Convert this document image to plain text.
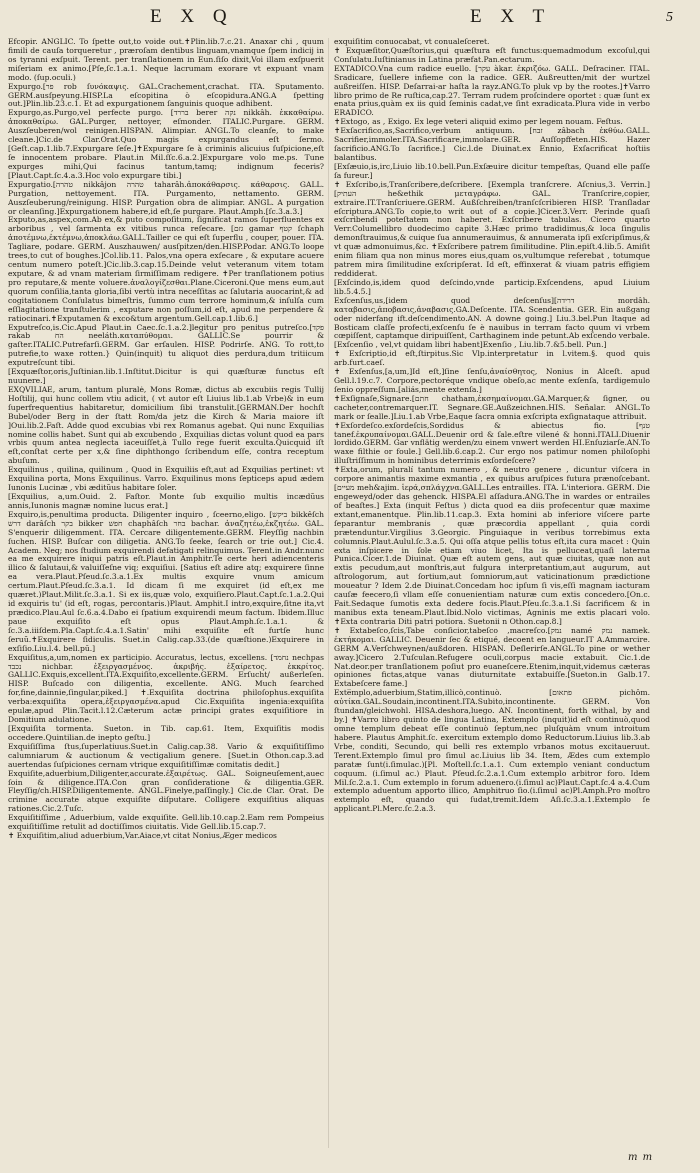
E X Q	E X T	5

Efcopir. ANGLIC. To ſpette out,to voide out.✝Plin.lib.7.c.21. Anaxar chi , quum fimili de cauſa torqueretur , præroſam dentibus linguam,vnamque ſpem indicij in os tyranni exſpuit. Terent. per tranſlationem in Eun.ſiſo dixit,Voi illam exſpuerit miſeriam ex animo.[Pſe,ſc.1.a.1. Neque lacrumam exorare vt expuant vnam modo. (ſup.oculi.)

Expurgo.[פר rob ſυνόκαψις. GAL.Crachement,crachat. ITA. Sputamento. GERM.ausſpeyung.HISP.La eſcopitina ò eſcopidura.ANG.A ſpetting out.]Plin.lib.23.c.1. Et ad expurgationem ſanguinis quoque adhibent.

Expurgo,as.Purgo,vel perfecte purgo. [בררד berer נקה nikkâh. ἐκκαθαίρω. ἀποκαθαίρω. GAL.Purger, nettoyer, eſmonder. ITALIC.Purgare. GERM. Auszſeuberen/wol reinigen.HISPAN. Alimpiar. ANGL.To cleanſe, to make cleane.]Cic.de Clar.Orat.Quo magis expurgandus eſt ſermo. [Geſt.cap.1.lib.7.Expurgare ſeſe.]✝Expurgare ſe à criminis alicuius ſuſpicione,eſt ſe innocentem probare. Plaut.in Mil.ſſc.6.a.2.]Expurgare volo me.ps. Tune expurges mihi,Qui facinus tantum,tamq; indignum feceris?[Plaut.Capt.ſc.4.a.3.Hoc volo expurgare tibi.]

Expurgatio.[טהרה nikkâjon טהרה taharâh.ἀποκάθαρσις. κάθαρσις. GALL. Purgation, nettoyement. ITA. Purgamento, nettamento. GERM. Auszſeuberung/reinigung. HISP. Purgation obra de alimpiar. ANGL. A purgation or cleanſing.]Expurgationem habere,id eſt,ſe purgare. Plaut.Amph.[ſc.3.a.3.]

Exputo,as,aspex,com.Ab ex,& puto compoſitum, ſignificat ramos ſuperfluentes ex arboribus , vel ſarmenta ex vitibus runca reſecare. [גזם gamar קטף ſchaph ἀποτέμνω,ἐκτέμνω,ἀποκλάω.GALL.Tailler ce qui eſt ſuperflu , couper, pouer. ITA. Tagliare, podare. GERM. Auszhauwen/ ausſpitzen/den.HISP.Podar. ANG.To loope trees,to cut of boughes.]Col.lib.11. Palos,vna opera exſecare , & exputare acuere centum numero poteſt.]Cic.lib.3.cap.15.Deinde velut veteranum vitem totam exputare, & ad vnam materiam ſirmiſſimam redigere. ✝Per tranſlationem potius pro reputare,& mente voluere.ἀναλογίζεσθαι.Plane.Ciceroni.Que mens eum,aut quorum conſilia,tanta gloria,ſibi vertù intra neceſſitas ac ſalutaria auocarint,& ad cogitationem Conſulatus bimeſtris, ſummo cum terrore hominum,& inſulſa cum eſſlagitatione tranſtulerim , exputare non poſſum,id eſt, apud me perpendere & ratiocinari.✝Exputamen & exco&tum argentum.Gell.cap.1.lib.6.]

Exputreſco,is.Cic.Apud Plaut.in Caec.ſc.1.a.2.]legitur pro penitus putreſco.[פקד rakab הח neeláth.καταπύθομαι. GALLIC.Se pourrir & gaſter.ITALIC.Putrefarſi.GERM. Gar erſaulen. HISP. Podrirſe. ANG. To rott,to putrefie,to waxe rotten.} Quin(inquit) tu aliquot dies perdura,dum tritiicum exputreſcunt tibi.

[Exquæſtor,oris,Juſtinian.lib.1.Inſtitut.Dicitur is qui quæſturæ functus eſt nuunere.]

EXQVILIAE, arum, tantum pluralė, Mons Romæ, dictus ab excubiis regis Tullij Hoſtilij, qui hunc collem vtiu adicit, ( vt autor eſt Liuius lib.1.ab Vrbe)& in eum ſuperfrequentius habitaretur, domicilium ſibi transtulit.[GERMAN.Der hochſt Bubel/oder Berg in der ſtatt Rom/da jetz die Kirch & Maria maiore iſt ]Oui.lib.2.Faſt. Adde quod excubias vbi rex Romanus agebat. Qui nunc Exquilias nomine collis habet. Sunt qui ab excubendo , Exquilias dictas volunt quod ea pars vrbis quum antea neglecta iaceuiſſet,à Tullo rege fuerit exculta.Quicquid iſt eſt,conſtat certe per x,& ſine diphthongo ſcribendum eſſe, contra receptum abuſum.

Exquilinus , quilina, quilinum , Quod in Exquiliis eſt,aut ad Exquilias pertinet: vt Exquilina porta, Mons Exquilinus. Varro. Exquilinus mons ſepticeps apud ædem Iunonis Lucinæ , vbi æditũus habitare ſoler.

[Exquilius, a,um.Ouid. 2. Faſtor. Monte ſub exquilio multis incædũus annis,Iunonis magnæ nomine lucus erat.]

Exquiro,is,penultima producta. Diligenter inquiro , ſceerno,eligo. [ביקש bikkêſch דרש darâſch בקר bikker חפש chaphâſch בחר bachar. ἀναζητέω,ἐκζητέω. GAL. S'enquerir diligemment. ITA. Cercare diligentemente.GERM. Fleyſſig nachbin ſuchen. HISP. Buſcar con diligetia. ANG.To ſeeke, ſearch or trie out.] Cic.4. Academ. Neq; nos ſtudium exquirendi defatigati relinquimus. Terent.in Andr.nunc ea me exquirere iniqui patris eſt.Plaut.in Amphitr.Te certe heri adiencenteris illico & ſalutaui,& valuiſſeſne viq; exquiſiui. [Satius eſt adire atq; exquirere ſinne ea vera.Plaut.Pſeud.ſc.3.a.1.Ex multis exquire vnum amicum certum.Plaut.Pſeud.ſc.3.a.1. Id dicam ſi me exquiret (id eſt,ex me quæret.)Plaut.Milit.ſc.3.a.1. Si ex iis,quæ volo, exquiſiero.Plaut.Capt.ſc.1.a.2.Qui id exquiris tu' (id eſt, rogas, percontaris.)Plaut. Amphit.I intro,exquire,ſitne ita,vt prædico.Plau.Aul ſc.6.a.4.Dabo ei ſpatium exquirendi meum factum. Ibidem.Illuc paue exquiſito eſt opus Plaut.Amph.ſc.1.a.1. & ſc.3.a.iiiſdem.Pla.Capt.ſc.4.a.1.Satin' mihi exquiſite eſt furtſe hunc ſeruũ.✝Exquirere ſidiculis. Suet.in Calig.cap.33.(de quæſtione.)Exquirere in exſiſio.Liu.l.4. bell.pū.]

Exquiſitus,a,um,nomen ex participio. Accuratus, lectus, excellens. [נחמד nechpas נכבד nichbar. ἐξειργασμένος. ἀκριβής. ἐξαίρετος. ἐκκρίτος. GALLIC.Exquis,excellent.ITA.Exquiſito,excellente.GERM. Erſucht/ außerleſen. HISP. Buſcado con diligentia, excellente. ANG. Much ſearched for,fine,dainnie,ſingular,piked.] ✝.Exquiſita doctrina philoſophus.exquiſita verba:exquiſita opera,ἐξειργασμένα.apud Cic.Exquiſita ingenia:exquiſita epulæ,apud Plin.Tacit.l.12.Cæterum actæ principi grates exquiſitiore in Domitium adulatione.

[Exquiſita tormenta. Sueton. in Tib. cap.61. Item, Exquiſitis modis occedere.Quintilian.de inepto geſtu.]

Exquiſiſſima ſtus,ſuperlatiuus.Suet.in Calig.cap.38. Vario & exquiſitiſſimo calumniarum & auctionum & vectigalium genere. [Suet.in Othon.cap.3.ad auertendas ſuſpiciones cernam vtrique exquiſitiſſimæ comitatis dedit.]

Exquiſite,aduerbium,Diligenter,accurate.ἐξαιρέτως. GAL. Soigneuſement,auec ſoin & diligence.ITA.Con gran conſideratione & diligentia.GER. Fleyſſig/ch.HISP.Diligentemente. ANGL.Finelye,paſſingly.] Cic.de Clar. Orat. De crimine accurate atque exquiſite diſputare. Colligere exquiſitius aliquas rationes.Cic.2.Tuſc.

Exquiſitiſſime , Aduerbium, valde exquiſite. Gell.lib.10.cap.2.Eam rem Pompeius exquiſitiſſime retulit ad doctiſſimos ciuitatis. Vide Gell.lib.15.cap.7.

✝ Exquiſitim,aliud aduerbium,Var.Aiace,vt citat Nonius,Æger medicos

exquiſitim conuocabat, vt conualeſceret.

✝ Exquæſitor,Quæſtorius,qui quæſtura eſt functus:quemadmodum excoſul,qui Conſulatu.Iuſtinianus in Latina præfat.Pan.ectarum.

EXTADICO.Vna cum radice euello. [עקר àkar. ἐκριζόω. GALL. Deſraciner. ITAL. Sradicare, ſuellere infieme con la radice. GER. Außreutten/mit der wurtzel außreiſſen. HISP. Deſarrai-ar haſta la rayz.ANG.To pluk vp by the rootes.]✝Varro libro primo de Re ruſtica,cap.27. Terram rudem proſcindere oportet : quæ ſunt ex enata prius,quàm ex iis quid ſeminis cadat,ve ſint exradicata.Plura vide in verbo ERADICO.

✝Extogo, as , Exigo. Ex lege veteri aliquid eximo per legem nouam. Feſtus.

✝Exſacrifico,as,Sacrifico,verbum antiquum. [זבח zâbach ἐκθύω.GALL. Sacrifier,immoler.ITA.Sacrificare,immolare.GER. Auſſopffeten.HIS. Hazer ſacrificio.ANG.To ſacrifice.] Cic.l.de Diuinat.ex Ennio, Exſacrificat hoſtiis balantibus.

[Exſæuio,is,irc,Liuio lib.10.bell.Pun.Exſæuire dicitur tempeſtas, Quand elle paſſe ſa fureur.]

✝ Exſcribo,is,Tranſcribere,deſcribere. [Exempla tranſcrere. Aſcnius,3. Verrin.] [העתיק he&ethik μεταγράφω. GAL. Tranſcrire,copier, extraire.IT.Tranſcriuere.GERM. Außſchreiben/tranſcſcribieren HISP. Tranſladar eſcriptura.ANG.To copie,to writ out of a copie.]Cicer.3.Verr. Perinde quaſi exſcribendi poteſtatem non haberet. Exſcribere tabulas. Cicero quarto Verr.Columellibro duodecimo capite 3.Hæc primo tradidimus,& loca ſingulis demonſtrauimus,& cuique ſua annumerauimus, & annumerata ipſi exſcripſimus,& vt quæ admonuimus,&c. ✝Exſcribere patrem ſimilitudine. Plin.epiſt.4.lib.5. Amiſit enim filiam qua non minus mores eius,quam os,vultumque referebat , totumque patrem mira ſimilitudine exſcripſerat. Id eſt, effinxerat & viuam patris effigiem reddiderat.

[Exſcindo,is,idem quod deſcindo,vnde particip.Exſcendens, apud Liuium lib.5.4.5.]

Exſcenſus,us,[idem quod deſcenſus][דרידה mordâh. καταβασις,ἀποβασις,ἀναβασις.GA.Deſcente. ITA. Scendentia. GER. Ein außgang oder niderfang ift.deſcendimento.AN. A downe going.] Liu.3.bel.Pun Itaque ad Bosticam claſſe profecti,exſcenſu ſe è nauibus in terram facto quum vi vrbem cœpiſſent, captamque diripuiſſent, Carthaginem inde petunt.Ab exſcendo verbale.

[Exſcenſio , vel,vt quidam libri habent]Exenſio , Liu.lib.7.&5.bell. Pun.]

✝ Exſcriptio,id eſt,ſtirpitus.Sic Vlp.interpretatur in l.vitem.§. quod quis arb.furt.caeſ.

✝ Exſenſus,[a,um,]Id eſt,]ſine ſenſu,ἀναίσθητος, Nonius in Alceſt. apud Gell.l.19.c.7. Corpore,pectoréque vndique obeſo,ac mente exſenſa, tardigemulo ſenio oppreſſum.[aliás,mente extenſa.]

✝Exſignaſe,Signare.[חתם chatham,ἐκσημαίνομαι.GA.Marquer,& ſigner, ou cacheter,contremarquer.IT. Segnare.GE.Außzeichnen.HIS. Señalar. ANGL.To mark or ſealle.]Liu.1.ab Vrbe,Eaque ſacra omnia exſcripta exſignataque attribuit.

✝Exſordeſco.exſordeſcis,Sordidus & abiectus fio. [טנף tanef.ἐκρυπαίνομαι.GALL.Deuenir ord & ſale.eſtre vilené & honni.ITALI.Diuenir lordido.GERM. Gar vnflätig werden/zu einem vnwert werden HI.Enſuziarſe.AN.To waxe filthie or foule.] Gell.lib.6.cap.2. Cur ergo nos patimur nomen philoſophi illuſtriſſimum in hominibus deterrimis exſordeſcere?

✝Exta,orum, pluralí tantum numero , & neutro genere , dicuntur viſcera in corpore animantis maxime exmantia , ex quibus aruſpices futura prænoſcebant. [מעיים meh&ajim. ἱερά,σπλάγχνα.GALL.Les entrailles. ITA. L'interiora. GERM. Die engeweyd/oder das gehenck. HISPA.El aſſadura.ANG.The in wardes or entrailes of beaſtes.] Exta (inquit Feſtus ) dicta quod ea diis profecentur quæ maxime extant,emanentque. Plin.lib.11.cap.3. Exta homini ab inferiore viſcere parte ſeparantur membranis , quæ præcordia appellant , quia cordi prætenduntur.Virgilius 3.Georgic. Pinguiaque in veribus torrebimus exta columnis.Plaut.Aulul.ſc.3.a.5. Qui oſſa atque pellis totus eſt,ita cura macet : Quin exta inſpicere in ſole etiam viuo licet, Ita is pelluceat,quaſi laterna Punica.Cicer.1.de Diuinat. Quæ eſt autem gens, aut quæ ciuitas, quæ non aut extis pecudum,aut monſtris,aut fulgura interpretantium,aut augurum, aut aſtrologorum, aut ſortium,aut ſomniorum,aut vaticinationum prædictione moueatur ? Idem 2.de Diuinat.Concedam hoc ipſum ſi vis,eſſi magnam iacturam cauſæ feecero,ſi vllam eſſe conuenientiam naturæ cum extis concedero.[On.c. Fait.Sedaque ſumotis exta dedere focis.Plaut.Pſeu.ſc.3.a.1.Si ſacrificem & in manibus exta teneam.Plaut.Ibid.Nolo victimas, Agninis me extis placari volo. ✝Exta contraria Diti patri potiora. Suetonii n Othon.cap.8.]

✝ Extabeſco,ſcis,Tabe conſicior,tabeſco ,macreſco.[נמק namé נמק namek. ἐκτήκομαι. GALLIC. Deuenir ſec & etiqué, decoent en langueur.IT A.Ammarcire. GERM A.Verſchweynen/außdoren. HISPAN. Deſlerirſe.ANGL.To pine or wether away.]Cicero 2.Tuſculan.Refugere oculi,corpus macie extabuit. Cic.1.de Nat.deor.per tranſlationem poſiut pro euaneſcere.Etenim,inquit,videmus cæteras opiniones fictas,atque vanas diuturnitate extabuiſſe.[Sueton.in Galb.17. Extabeſcere fame.]

Exte̅mplo,aduerbium,Statim,illicò,continuò. [פתאום pichôm. αὐτίκα.GAL.Soudain,incontinent.ITA.Subito,incontinente. GERM. Von ſtundan/gleichwohl. HISA.deshora,luego. AN. Incontinent, forth withal, by and by.] ✝Varro libro quinto de lingua Latina, Extemplo (inquit)id eſt continuò,quod omne templum debeat eſſe continuò ſeptum,nec pluſquàm vnum introitum habere. Plautus Amphit.ſc. exercitum extemplo domo Reductorum.Liuius lib.3.ab Vrbe, conditi, Secundo, qui belli res extemplo vrbanos motus excitaueruut. Terent.Extemplo ſimul pro ſimul ac.Liuius lib 34. Item, Ædes cum extemplo paratæ ſunt(i.ſimulac.)[Pl. Moſtell.ſc.1.a.1. Cum extemplo veniant conductum coquum. (i.ſimul ac.) Plaut. Pſeud.ſc.2.a.1.Cum extemplo arbitror foro. Idem Mil.ſc.2.a.1. Cum extemplo in forum aduenero.(i.ſimul ac)Plaut.Capt.ſc.4 a.4.Cum extemplo aduentum apporto illico, Amphitruo ſio.(i.ſimul ac)Pl.Amph.Pro moſtro extemplo eſt, quando qui ſudat,tremit.Idem Aſi.ſc.3.a.1.Extemplo ſe applicant.Pl.Merc.ſc.2.a.3.

m m
